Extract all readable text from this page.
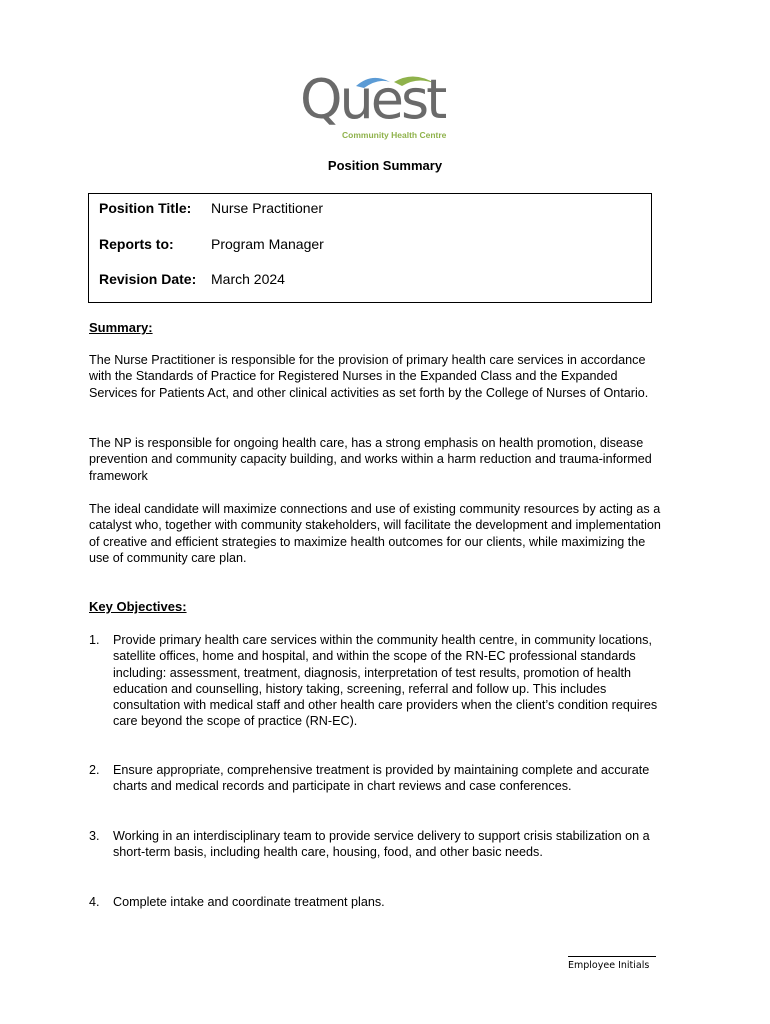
Quest
Community Health Centre
Position Summary
Position Title: Nurse Practitioner
Reports to:	Program Manager
Revision Date: March 2024
Summary:

The Nurse Practitioner is responsible for the provision of primary health care services in accordance with the Standards of Practice for Registered Nurses in the Expanded Class and the Expanded Services for Patients Act, and other clinical activities as set forth by the College of Nurses of Ontario.

The NP is responsible for ongoing health care, has a strong emphasis on health promotion, disease prevention and community capacity building, and works within a harm reduction and trauma-informed framework

The ideal candidate will maximize connections and use of existing community resources by acting as a catalyst who, together with community stakeholders, will facilitate the development and implementation of creative and efficient strategies to maximize health outcomes for our clients, while maximizing the use of community care plan.

Key Objectives:
1. Provide primary health care services within the community health centre, in community locations, satellite offices, home and hospital, and within the scope of the RN-EC professional standards including: assessment, treatment, diagnosis, interpretation of test results, promotion of health education and counselling, history taking, screening, referral and follow up. This includes consultation with medical staff and other health care providers when the client’s condition requires care beyond the scope of practice (RN-EC).
2. Ensure appropriate, comprehensive treatment is provided by maintaining complete and accurate charts and medical records and participate in chart reviews and case conferences.
3. Working in an interdisciplinary team to provide service delivery to support crisis stabilization on a short-term basis, including health care, housing, food, and other basic needs.
4. Complete intake and coordinate treatment plans.
Employee Initials
